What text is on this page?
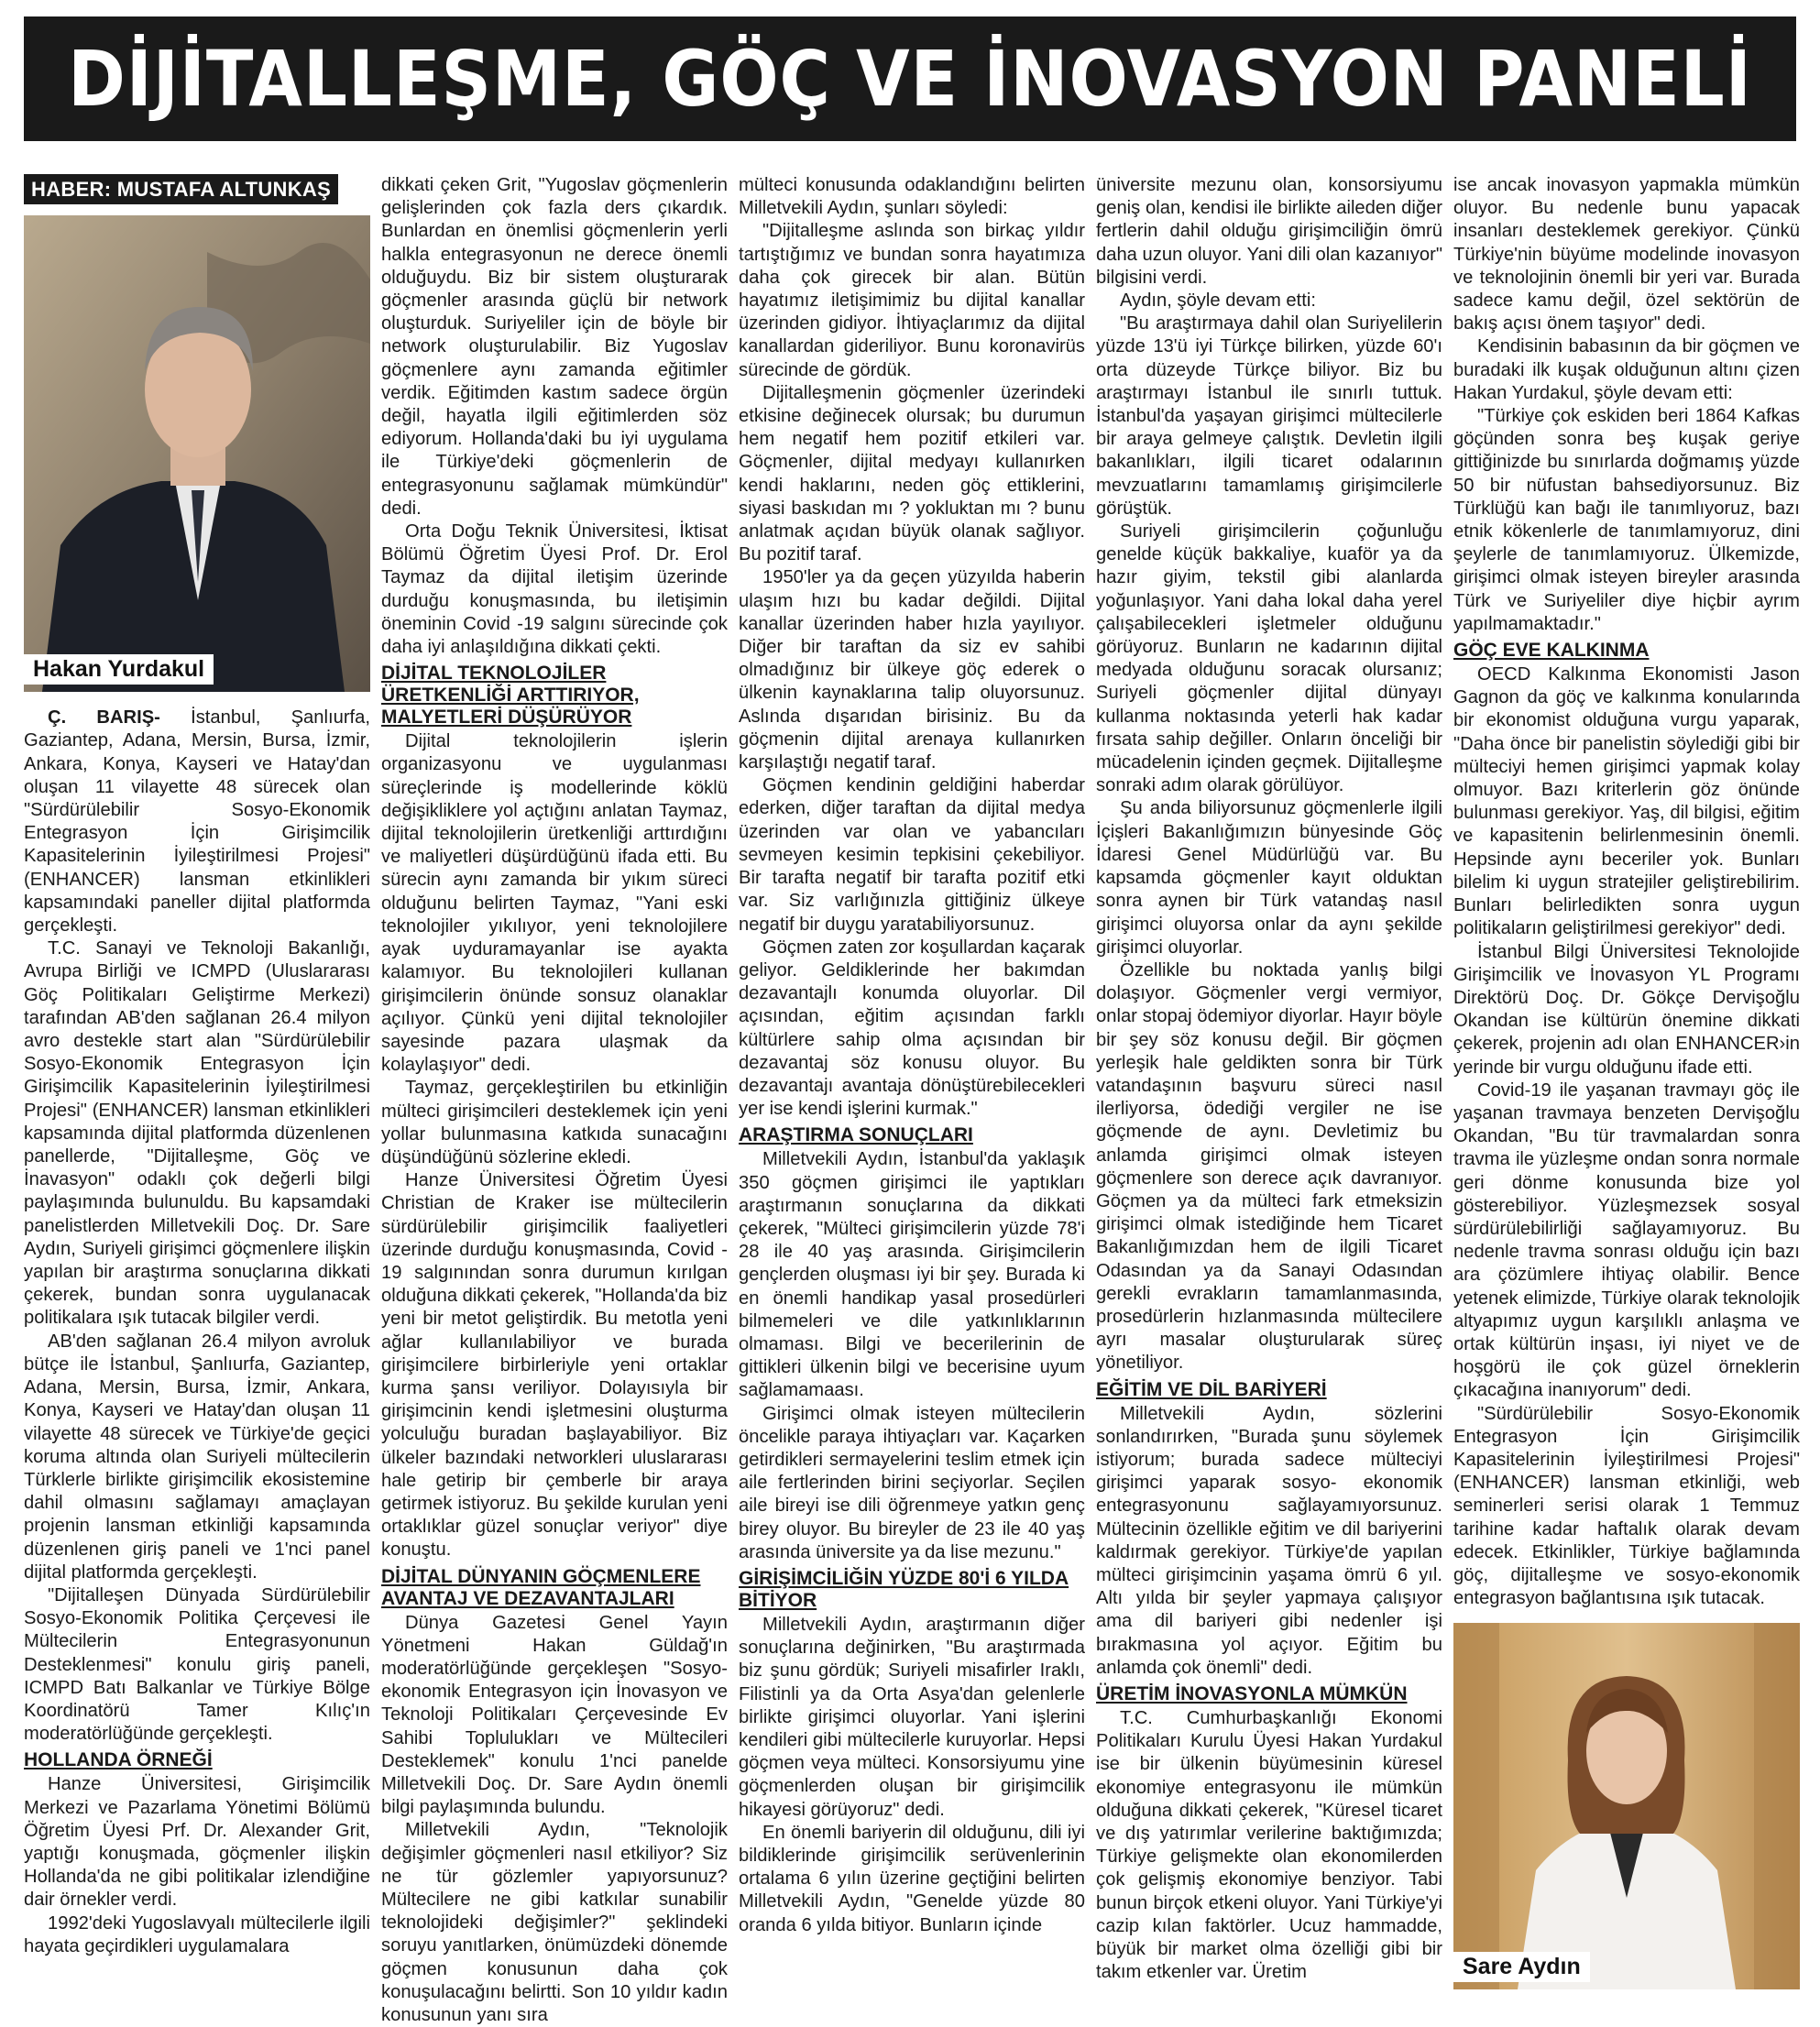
DİJİTALLEŞME, GÖÇ VE İNOVASYON PANELİ
HABER: MUSTAFA ALTUNKAŞ
Hakan Yurdakul

Ç. BARIŞ- İstanbul, Şanlıurfa, Gaziantep, Adana, Mersin, Bursa, İzmir, Ankara, Konya, Kayseri ve Hatay'dan oluşan 11 vilayette 48 sürecek olan "Sürdürülebilir Sosyo-Ekonomik Entegrasyon İçin Girişimcilik Kapasitelerinin İyileştirilmesi Projesi" (ENHANCER) lansman etkinlikleri kapsamındaki paneller dijital platformda gerçekleşti.

T.C. Sanayi ve Teknoloji Bakanlığı, Avrupa Birliği ve ICMPD (Uluslararası Göç Politikaları Geliştirme Merkezi) tarafından AB'den sağlanan 26.4 milyon avro destekle start alan "Sürdürülebilir Sosyo-Ekonomik Entegrasyon İçin Girişimcilik Kapasitelerinin İyileştirilmesi Projesi" (ENHANCER) lansman etkinlikleri kapsamında dijital platformda düzenlenen panellerde, "Dijitalleşme, Göç ve İnavasyon" odaklı çok değerli bilgi paylaşımında bulunuldu. Bu kapsamdaki panelistlerden Milletvekili Doç. Dr. Sare Aydın, Suriyeli girişimci göçmenlere ilişkin yapılan bir araştırma sonuçlarına dikkati çekerek, bundan sonra uygulanacak politikalara ışık tutacak bilgiler verdi.

AB'den sağlanan 26.4 milyon avroluk bütçe ile İstanbul, Şanlıurfa, Gaziantep, Adana, Mersin, Bursa, İzmir, Ankara, Konya, Kayseri ve Hatay'dan oluşan 11 vilayette 48 sürecek ve Türkiye'de geçici koruma altında olan Suriyeli mültecilerin Türklerle birlikte girişimcilik ekosistemine dahil olmasını sağlamayı amaçlayan projenin lansman etkinliği kapsamında düzenlenen giriş paneli ve 1'nci panel dijital platformda gerçekleşti.

"Dijitalleşen Dünyada Sürdürülebilir Sosyo-Ekonomik Politika Çerçevesi ile Mültecilerin Entegrasyonunun Desteklenmesi" konulu giriş paneli, ICMPD Batı Balkanlar ve Türkiye Bölge Koordinatörü Tamer Kılıç'ın moderatörlüğünde gerçekleşti.

HOLLANDA ÖRNEĞİ

Hanze Üniversitesi, Girişimcilik Merkezi ve Pazarlama Yönetimi Bölümü Öğretim Üyesi Prf. Dr. Alexander Grit, yaptığı konuşmada, göçmenler ilişkin Hollanda'da ne gibi politikalar izlendiğine dair örnekler verdi.

1992'deki Yugoslavyalı mültecilerle ilgili hayata geçirdikleri uygulamalara

dikkati çeken Grit, "Yugoslav göçmenlerin gelişlerinden çok fazla ders çıkardık. Bunlardan en önemlisi göçmenlerin yerli halkla entegrasyonun ne derece önemli olduğuydu. Biz bir sistem oluşturarak göçmenler arasında güçlü bir network oluşturduk. Suriyeliler için de böyle bir network oluşturulabilir. Biz Yugoslav göçmenlere aynı zamanda eğitimler verdik. Eğitimden kastım sadece örgün değil, hayatla ilgili eğitimlerden söz ediyorum. Hollanda'daki bu iyi uygulama ile Türkiye'deki göçmenlerin de entegrasyonunu sağlamak mümkündür" dedi.

Orta Doğu Teknik Üniversitesi, İktisat Bölümü Öğretim Üyesi Prof. Dr. Erol Taymaz da dijital iletişim üzerinde durduğu konuşmasında, bu iletişimin öneminin Covid -19 salgını sürecinde çok daha iyi anlaşıldığına dikkati çekti.

DİJİTAL TEKNOLOJİLER ÜRETKENLİĞİ ARTTIRIYOR, MALYETLERİ DÜŞÜRÜYOR

Dijital teknolojilerin işlerin organizasyonu ve uygulanması süreçlerinde iş modellerinde köklü değişikliklere yol açtığını anlatan Taymaz, dijital teknolojilerin üretkenliği arttırdığını ve maliyetleri düşürdüğünü ifada etti. Bu sürecin aynı zamanda bir yıkım süreci olduğunu belirten Taymaz, "Yani eski teknolojiler yıkılıyor, yeni teknolojilere ayak uyduramayanlar ise ayakta kalamıyor. Bu teknolojileri kullanan girişimcilerin önünde sonsuz olanaklar açılıyor. Çünkü yeni dijital teknolojiler sayesinde pazara ulaşmak da kolaylaşıyor" dedi.

Taymaz, gerçekleştirilen bu etkinliğin mülteci girişimcileri desteklemek için yeni yollar bulunmasına katkıda sunacağını düşündüğünü sözlerine ekledi.

Hanze Üniversitesi Öğretim Üyesi Christian de Kraker ise mültecilerin sürdürülebilir girişimcilik faaliyetleri üzerinde durduğu konuşmasında, Covid - 19 salgınından sonra durumun kırılgan olduğuna dikkati çekerek, "Hollanda'da biz yeni bir metot geliştirdik. Bu metotla yeni ağlar kullanılabiliyor ve burada girişimcilere birbirleriyle yeni ortaklar kurma şansı veriliyor. Dolayısıyla bir girişimcinin kendi işletmesini oluşturma yolculuğu buradan başlayabiliyor. Biz ülkeler bazındaki networkleri uluslararası hale getirip bir çemberle bir araya getirmek istiyoruz. Bu şekilde kurulan yeni ortaklıklar güzel sonuçlar veriyor" diye konuştu.

DİJİTAL DÜNYANIN GÖÇMENLERE AVANTAJ VE DEZAVANTAJLARI

Dünya Gazetesi Genel Yayın Yönetmeni Hakan Güldağ'ın moderatörlüğünde gerçekleşen "Sosyo-ekonomik Entegrasyon için İnovasyon ve Teknoloji Politikaları Çerçevesinde Ev Sahibi Toplulukları ve Mültecileri Desteklemek" konulu 1'nci panelde Milletvekili Doç. Dr. Sare Aydın önemli bilgi paylaşımında bulundu.

Milletvekili Aydın, "Teknolojik değişimler göçmenleri nasıl etkiliyor? Siz ne tür gözlemler yapıyorsunuz? Mültecilere ne gibi katkılar sunabilir teknolojideki değişimler?" şeklindeki soruyu yanıtlarken, önümüzdeki dönemde göçmen konusunun daha çok konuşulacağını belirtti. Son 10 yıldır kadın konusunun yanı sıra

mülteci konusunda odaklandığını belirten Milletvekili Aydın, şunları söyledi:

"Dijitalleşme aslında son birkaç yıldır tartıştığımız ve bundan sonra hayatımıza daha çok girecek bir alan. Bütün hayatımız iletişimimiz bu dijital kanallar üzerinden gidiyor. İhtiyaçlarımız da dijital kanallardan gideriliyor. Bunu koronavirüs sürecinde de gördük.

Dijitalleşmenin göçmenler üzerindeki etkisine değinecek olursak; bu durumun hem negatif hem pozitif etkileri var. Göçmenler, dijital medyayı kullanırken kendi haklarını, neden göç ettiklerini, siyasi baskıdan mı ? yokluktan mı ? bunu anlatmak açıdan büyük olanak sağlıyor. Bu pozitif taraf.

1950'ler ya da geçen yüzyılda haberin ulaşım hızı bu kadar değildi. Dijital kanallar üzerinden haber hızla yayılıyor. Diğer bir taraftan da siz ev sahibi olmadığınız bir ülkeye göç ederek o ülkenin kaynaklarına talip oluyorsunuz. Aslında dışarıdan birisiniz. Bu da göçmenin dijital arenaya kullanırken karşılaştığı negatif taraf.

Göçmen kendinin geldiğini haberdar ederken, diğer taraftan da dijital medya üzerinden var olan ve yabancıları sevmeyen kesimin tepkisini çekebiliyor. Bir tarafta negatif bir tarafta pozitif etki var. Siz varlığınızla gittiğiniz ülkeye negatif bir duygu yaratabiliyorsunuz.

Göçmen zaten zor koşullardan kaçarak geliyor. Geldiklerinde her bakımdan dezavantajlı konumda oluyorlar. Dil açısından, eğitim açısından farklı kültürlere sahip olma açısından bir dezavantaj söz konusu oluyor. Bu dezavantajı avantaja dönüştürebilecekleri yer ise kendi işlerini kurmak."

ARAŞTIRMA SONUÇLARI

Milletvekili Aydın, İstanbul'da yaklaşık 350 göçmen girişimci ile yaptıkları araştırmanın sonuçlarına da dikkati çekerek, "Mülteci girişimcilerin yüzde 78'i 28 ile 40 yaş arasında. Girişimcilerin gençlerden oluşması iyi bir şey. Burada ki en önemli handikap yasal prosedürleri bilmemeleri ve dile yatkınlıklarının olmaması. Bilgi ve becerilerinin de gittikleri ülkenin bilgi ve becerisine uyum sağlamamaası.

Girişimci olmak isteyen mültecilerin öncelikle paraya ihtiyaçları var. Kaçarken getirdikleri sermayelerini teslim etmek için aile fertlerinden birini seçiyorlar. Seçilen aile bireyi ise dili öğrenmeye yatkın genç birey oluyor. Bu bireyler de 23 ile 40 yaş arasında üniversite ya da lise mezunu."

GİRİŞİMCİLİĞİN YÜZDE 80'İ 6 YILDA BİTİYOR

Milletvekili Aydın, araştırmanın diğer sonuçlarına değinirken, "Bu araştırmada biz şunu gördük; Suriyeli misafirler Iraklı, Filistinli ya da Orta Asya'dan gelenlerle birlikte girişimci oluyorlar. Yani işlerini kendileri gibi mültecilerle kuruyorlar. Hepsi göçmen veya mülteci. Konsorsiyumu yine göçmenlerden oluşan bir girişimcilik hikayesi görüyoruz" dedi.

En önemli bariyerin dil olduğunu, dili iyi bildiklerinde girişimcilik serüvenlerinin ortalama 6 yılın üzerine geçtiğini belirten Milletvekili Aydın, "Genelde yüzde 80 oranda 6 yılda bitiyor. Bunların içinde

üniversite mezunu olan, konsorsiyumu geniş olan, kendisi ile birlikte aileden diğer fertlerin dahil olduğu girişimciliğin ömrü daha uzun oluyor. Yani dili olan kazanıyor" bilgisini verdi.

Aydın, şöyle devam etti:

"Bu araştırmaya dahil olan Suriyelilerin yüzde 13'ü iyi Türkçe bilirken, yüzde 60'ı orta düzeyde Türkçe biliyor. Biz bu araştırmayı İstanbul ile sınırlı tuttuk. İstanbul'da yaşayan girişimci mültecilerle bir araya gelmeye çalıştık. Devletin ilgili bakanlıkları, ilgili ticaret odalarının mevzuatlarını tamamlamış girişimcilerle görüştük.

Suriyeli girişimcilerin çoğunluğu genelde küçük bakkaliye, kuaför ya da hazır giyim, tekstil gibi alanlarda yoğunlaşıyor. Yani daha lokal daha yerel çalışabilecekleri işletmeler olduğunu görüyoruz. Bunların ne kadarının dijital medyada olduğunu soracak olursanız; Suriyeli göçmenler dijital dünyayı kullanma noktasında yeterli hak kadar fırsata sahip değiller. Onların önceliği bir mücadelenin içinden geçmek. Dijitalleşme sonraki adım olarak görülüyor.

Şu anda biliyorsunuz göçmenlerle ilgili İçişleri Bakanlığımızın bünyesinde Göç İdaresi Genel Müdürlüğü var. Bu kapsamda göçmenler kayıt olduktan sonra aynen bir Türk vatandaş nasıl girişimci oluyorsa onlar da aynı şekilde girişimci oluyorlar.

Özellikle bu noktada yanlış bilgi dolaşıyor. Göçmenler vergi vermiyor, onlar stopaj ödemiyor diyorlar. Hayır böyle bir şey söz konusu değil. Bir göçmen yerleşik hale geldikten sonra bir Türk vatandaşının başvuru süreci nasıl ilerliyorsa, ödediği vergiler ne ise göçmende de aynı. Devletimiz bu anlamda girişimci olmak isteyen göçmenlere son derece açık davranıyor. Göçmen ya da mülteci fark etmeksizin girişimci olmak istediğinde hem Ticaret Bakanlığımızdan hem de ilgili Ticaret Odasından ya da Sanayi Odasından gerekli evrakların tamamlanmasında, prosedürlerin hızlanmasında mültecilere ayrı masalar oluşturularak süreç yönetiliyor.

EĞİTİM VE DİL BARİYERİ

Milletvekili Aydın, sözlerini sonlandırırken, "Burada şunu söylemek istiyorum; burada sadece mülteciyi girişimci yaparak sosyo- ekonomik entegrasyonunu sağlayamıyorsunuz. Mültecinin özellikle eğitim ve dil bariyerini kaldırmak gerekiyor. Türkiye'de yapılan mülteci girişimcinin yaşama ömrü 6 yıl. Altı yılda bir şeyler yapmaya çalışıyor ama dil bariyeri gibi nedenler işi bırakmasına yol açıyor. Eğitim bu anlamda çok önemli" dedi.

ÜRETİM İNOVASYONLA MÜMKÜN

T.C. Cumhurbaşkanlığı Ekonomi Politikaları Kurulu Üyesi Hakan Yurdakul ise bir ülkenin büyümesinin küresel ekonomiye entegrasyonu ile mümkün olduğuna dikkati çekerek, "Küresel ticaret ve dış yatırımlar verilerine baktığımızda; Türkiye gelişmekte olan ekonomilerden çok gelişmiş ekonomiye benziyor. Tabi bunun birçok etkeni oluyor. Yani Türkiye'yi cazip kılan faktörler. Ucuz hammadde, büyük bir market olma özelliği gibi bir takım etkenler var. Üretim

ise ancak inovasyon yapmakla mümkün oluyor. Bu nedenle bunu yapacak insanları desteklemek gerekiyor. Çünkü Türkiye'nin büyüme modelinde inovasyon ve teknolojinin önemli bir yeri var. Burada sadece kamu değil, özel sektörün de bakış açısı önem taşıyor" dedi.

Kendisinin babasının da bir göçmen ve buradaki ilk kuşak olduğunun altını çizen Hakan Yurdakul, şöyle devam etti:

"Türkiye çok eskiden beri 1864 Kafkas göçünden sonra beş kuşak geriye gittiğinizde bu sınırlarda doğmamış yüzde 50 bir nüfustan bahsediyorsunuz. Biz Türklüğü kan bağı ile tanımlıyoruz, bazı etnik kökenlerle de tanımlamıyoruz, dini şeylerle de tanımlamıyoruz. Ülkemizde, girişimci olmak isteyen bireyler arasında Türk ve Suriyeliler diye hiçbir ayrım yapılmamaktadır."

GÖÇ EVE KALKINMA

OECD Kalkınma Ekonomisti Jason Gagnon da göç ve kalkınma konularında bir ekonomist olduğuna vurgu yaparak, "Daha önce bir panelistin söylediği gibi bir mülteciyi hemen girişimci yapmak kolay olmuyor. Bazı kriterlerin göz önünde bulunması gerekiyor. Yaş, dil bilgisi, eğitim ve kapasitenin belirlenmesinin önemli. Hepsinde aynı beceriler yok. Bunları bilelim ki uygun stratejiler geliştirebilirim. Bunları belirledikten sonra uygun politikaların geliştirilmesi gerekiyor" dedi.

İstanbul Bilgi Üniversitesi Teknolojide Girişimcilik ve İnovasyon YL Programı Direktörü Doç. Dr. Gökçe Dervişoğlu Okandan ise kültürün önemine dikkati çekerek, projenin adı olan ENHANCER›in yerinde bir vurgu olduğunu ifade etti.

Covid-19 ile yaşanan travmayı göç ile yaşanan travmaya benzeten Dervişoğlu Okandan, "Bu tür travmalardan sonra travma ile yüzleşme ondan sonra normale geri dönme konusunda bize yol gösterebiliyor. Yüzleşmezsek sosyal sürdürülebilirliği sağlayamıyoruz. Bu nedenle travma sonrası olduğu için bazı ara çözümlere ihtiyaç olabilir. Bence yetenek elimizde, Türkiye olarak teknolojik altyapımız uygun karşılıklı anlaşma ve ortak kültürün inşası, iyi niyet ve de hoşgörü ile çok güzel örneklerin çıkacağına inanıyorum" dedi.

"Sürdürülebilir Sosyo-Ekonomik Entegrasyon İçin Girişimcilik Kapasitelerinin İyileştirilmesi Projesi" (ENHANCER) lansman etkinliği, web seminerleri serisi olarak 1 Temmuz tarihine kadar haftalık olarak devam edecek. Etkinlikler, Türkiye bağlamında göç, dijitalleşme ve sosyo-ekonomik entegrasyon bağlantısına ışık tutacak.

Sare Aydın
